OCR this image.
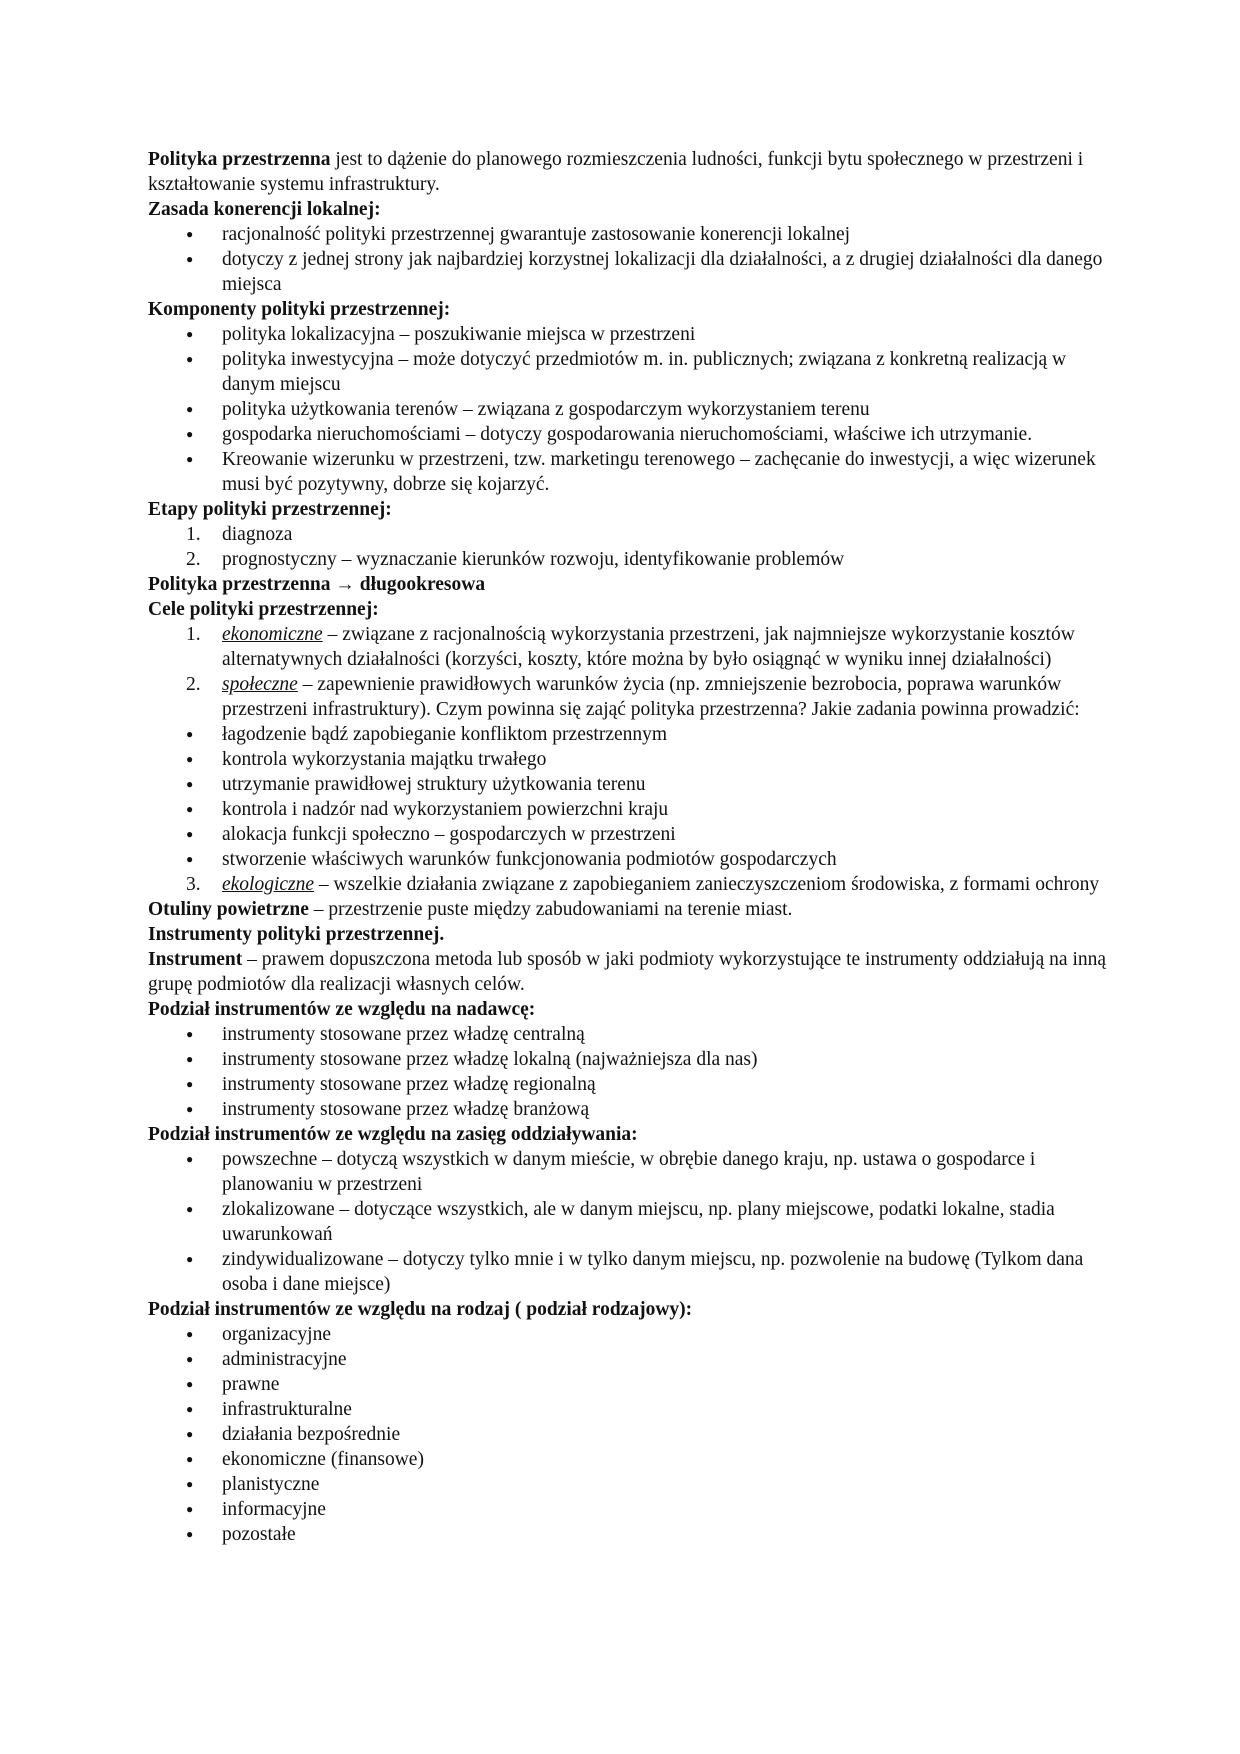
Polityka przestrzenna jest to dążenie do planowego rozmieszczenia ludności, funkcji bytu społecznego w przestrzeni i kształtowanie systemu infrastruktury.

Zasada konerencji lokalnej:

●
racjonalność polityki przestrzennej gwarantuje zastosowanie konerencji lokalnej
●
dotyczy z jednej strony jak najbardziej korzystnej lokalizacji dla działalności, a z drugiej działalności dla danego miejsca

Komponenty polityki przestrzennej:

●
polityka lokalizacyjna – poszukiwanie miejsca w przestrzeni
●
polityka inwestycyjna – może dotyczyć przedmiotów m. in. publicznych; związana z konkretną realizacją w danym miejscu
●
polityka użytkowania terenów – związana z gospodarczym wykorzystaniem terenu
●
gospodarka nieruchomościami – dotyczy gospodarowania nieruchomościami, właściwe ich utrzymanie.
●
Kreowanie wizerunku w przestrzeni, tzw. marketingu terenowego – zachęcanie do inwestycji, a więc wizerunek musi być pozytywny, dobrze się kojarzyć.

Etapy polityki przestrzennej:

1.	diagnoza
2.	prognostyczny – wyznaczanie kierunków rozwoju, identyfikowanie problemów

Polityka przestrzenna → długookresowa

Cele polityki przestrzennej:

1.	ekonomiczne – związane z racjonalnością wykorzystania przestrzeni, jak najmniejsze wykorzystanie kosztów alternatywnych działalności (korzyści, koszty, które można by było osiągnąć w wyniku innej działalności)
2.	społeczne – zapewnienie prawidłowych warunków życia (np. zmniejszenie bezrobocia, poprawa warunków przestrzeni infrastruktury). Czym powinna się zająć polityka przestrzenna? Jakie zadania powinna prowadzić:
●
łagodzenie bądź zapobieganie konfliktom przestrzennym
●
kontrola wykorzystania majątku trwałego
●
utrzymanie prawidłowej struktury użytkowania terenu
●
kontrola i nadzór nad wykorzystaniem powierzchni kraju
●
alokacja funkcji społeczno – gospodarczych w przestrzeni
●
stworzenie właściwych warunków funkcjonowania podmiotów gospodarczych
3.	ekologiczne – wszelkie działania związane z zapobieganiem zanieczyszczeniom środowiska, z formami ochrony

Otuliny powietrzne – przestrzenie puste między zabudowaniami na terenie miast.

Instrumenty polityki przestrzennej.

Instrument – prawem dopuszczona metoda lub sposób w jaki podmioty wykorzystujące te instrumenty oddziałują na inną grupę podmiotów dla realizacji własnych celów.

Podział instrumentów ze względu na nadawcę:

●
instrumenty stosowane przez władzę centralną
●
instrumenty stosowane przez władzę lokalną (najważniejsza dla nas)
●
instrumenty stosowane przez władzę regionalną
●
instrumenty stosowane przez władzę branżową

Podział instrumentów ze względu na zasięg oddziaływania:

●
powszechne – dotyczą wszystkich w danym mieście, w obrębie danego kraju, np. ustawa o gospodarce i planowaniu w przestrzeni
●
zlokalizowane – dotyczące wszystkich, ale w danym miejscu, np. plany miejscowe, podatki lokalne, stadia uwarunkowań
●
zindywidualizowane – dotyczy tylko mnie i w tylko danym miejscu, np. pozwolenie na budowę (Tylkom dana osoba i dane miejsce)

Podział instrumentów ze względu na rodzaj ( podział rodzajowy):

●
organizacyjne
●
administracyjne
●
prawne
●
infrastrukturalne
●
działania bezpośrednie
●
ekonomiczne (finansowe)
●
planistyczne
●
informacyjne
●
pozostałe
